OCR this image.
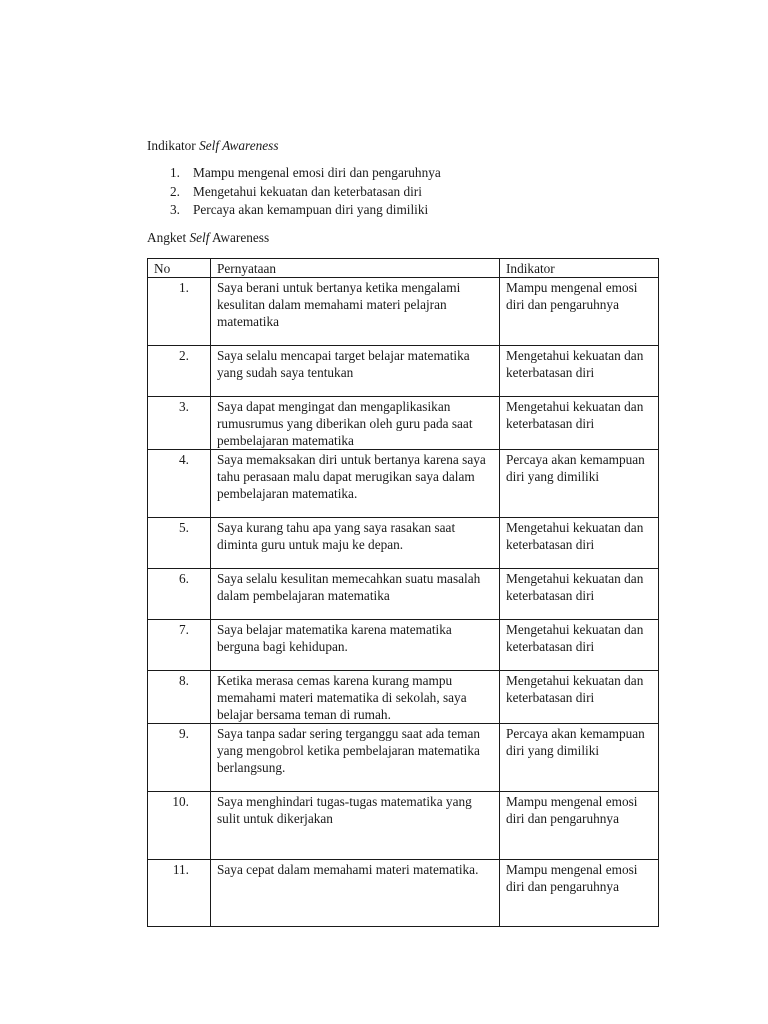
Indikator Self Awareness
1. Mampu mengenal emosi diri dan pengaruhnya
2. Mengetahui kekuatan dan keterbatasan diri
3. Percaya akan kemampuan diri yang dimiliki
Angket Self Awareness
No	Pernyataan	Indikator
1.	Saya berani untuk bertanya ketika mengalami kesulitan dalam memahami materi pelajran matematika	Mampu mengenal emosi diri dan pengaruhnya
2.	Saya selalu mencapai target belajar matematika yang sudah saya tentukan	Mengetahui kekuatan dan keterbatasan diri
3.	Saya dapat mengingat dan mengaplikasikan rumusrumus yang diberikan oleh guru pada saat pembelajaran matematika	Mengetahui kekuatan dan keterbatasan diri
4.	Saya memaksakan diri untuk bertanya karena saya tahu perasaan malu dapat merugikan saya dalam pembelajaran matematika.	Percaya akan kemampuan diri yang dimiliki
5.	Saya kurang tahu apa yang saya rasakan saat diminta guru untuk maju ke depan.	Mengetahui kekuatan dan keterbatasan diri
6.	Saya selalu kesulitan memecahkan suatu masalah dalam pembelajaran matematika	Mengetahui kekuatan dan keterbatasan diri
7.	Saya belajar matematika karena matematika berguna bagi kehidupan.	Mengetahui kekuatan dan keterbatasan diri
8.	Ketika merasa cemas karena kurang mampu memahami materi matematika di sekolah, saya belajar bersama teman di rumah.	Mengetahui kekuatan dan keterbatasan diri
9.	Saya tanpa sadar sering terganggu saat ada teman yang mengobrol ketika pembelajaran matematika berlangsung.	Percaya akan kemampuan diri yang dimiliki
10.	Saya menghindari tugas-tugas matematika yang sulit untuk dikerjakan	Mampu mengenal emosi diri dan pengaruhnya
11.	Saya cepat dalam memahami materi matematika.	Mampu mengenal emosi diri dan pengaruhnya
